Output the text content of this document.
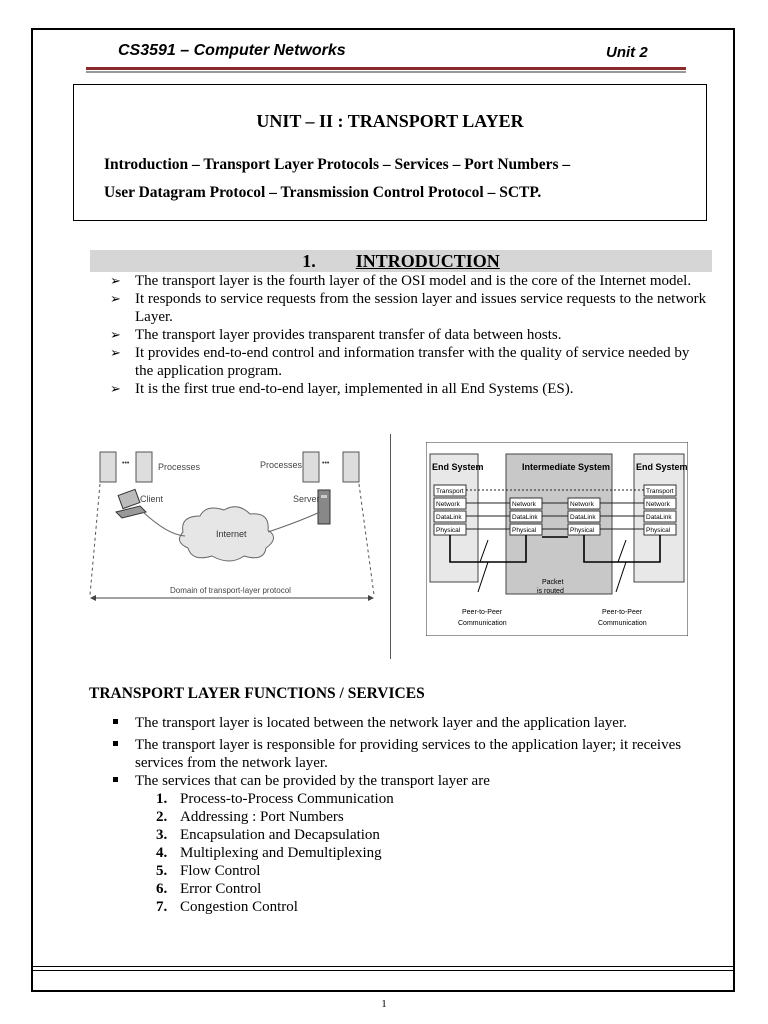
CS3591 – Computer Networks	Unit 2
UNIT – II : TRANSPORT LAYER
Introduction – Transport Layer Protocols – Services – Port Numbers –
User Datagram Protocol – Transmission Control Protocol – SCTP.
1. INTRODUCTION
➢ The transport layer is the fourth layer of the OSI model and is the core of the Internet model.
➢ It responds to service requests from the session layer and issues service requests to the network Layer.
➢ The transport layer provides transparent transfer of data between hosts.
➢ It provides end-to-end control and information transfer with the quality of service needed by the application program.
➢ It is the first true end-to-end layer, implemented in all End Systems (ES).
•••	Processes	Processes	•••
Client	Server
Internet
Domain of transport-layer protocol
End System	Intermediate System	End System
Transport
Network
DataLink
Physical
Network
DataLink
Physical
Network
DataLink
Physical
Transport
Network
DataLink
Physical
Packet
is routed
Peer-to-Peer
Communication
Peer-to-Peer
Communication
TRANSPORT LAYER FUNCTIONS / SERVICES
The transport layer is located between the network layer and the application layer.
The transport layer is responsible for providing services to the application layer; it receives services from the network layer.
The services that can be provided by the transport layer are
1. Process-to-Process Communication
2. Addressing : Port Numbers
3. Encapsulation and Decapsulation
4. Multiplexing and Demultiplexing
5. Flow Control
6. Error Control
7. Congestion Control
1
